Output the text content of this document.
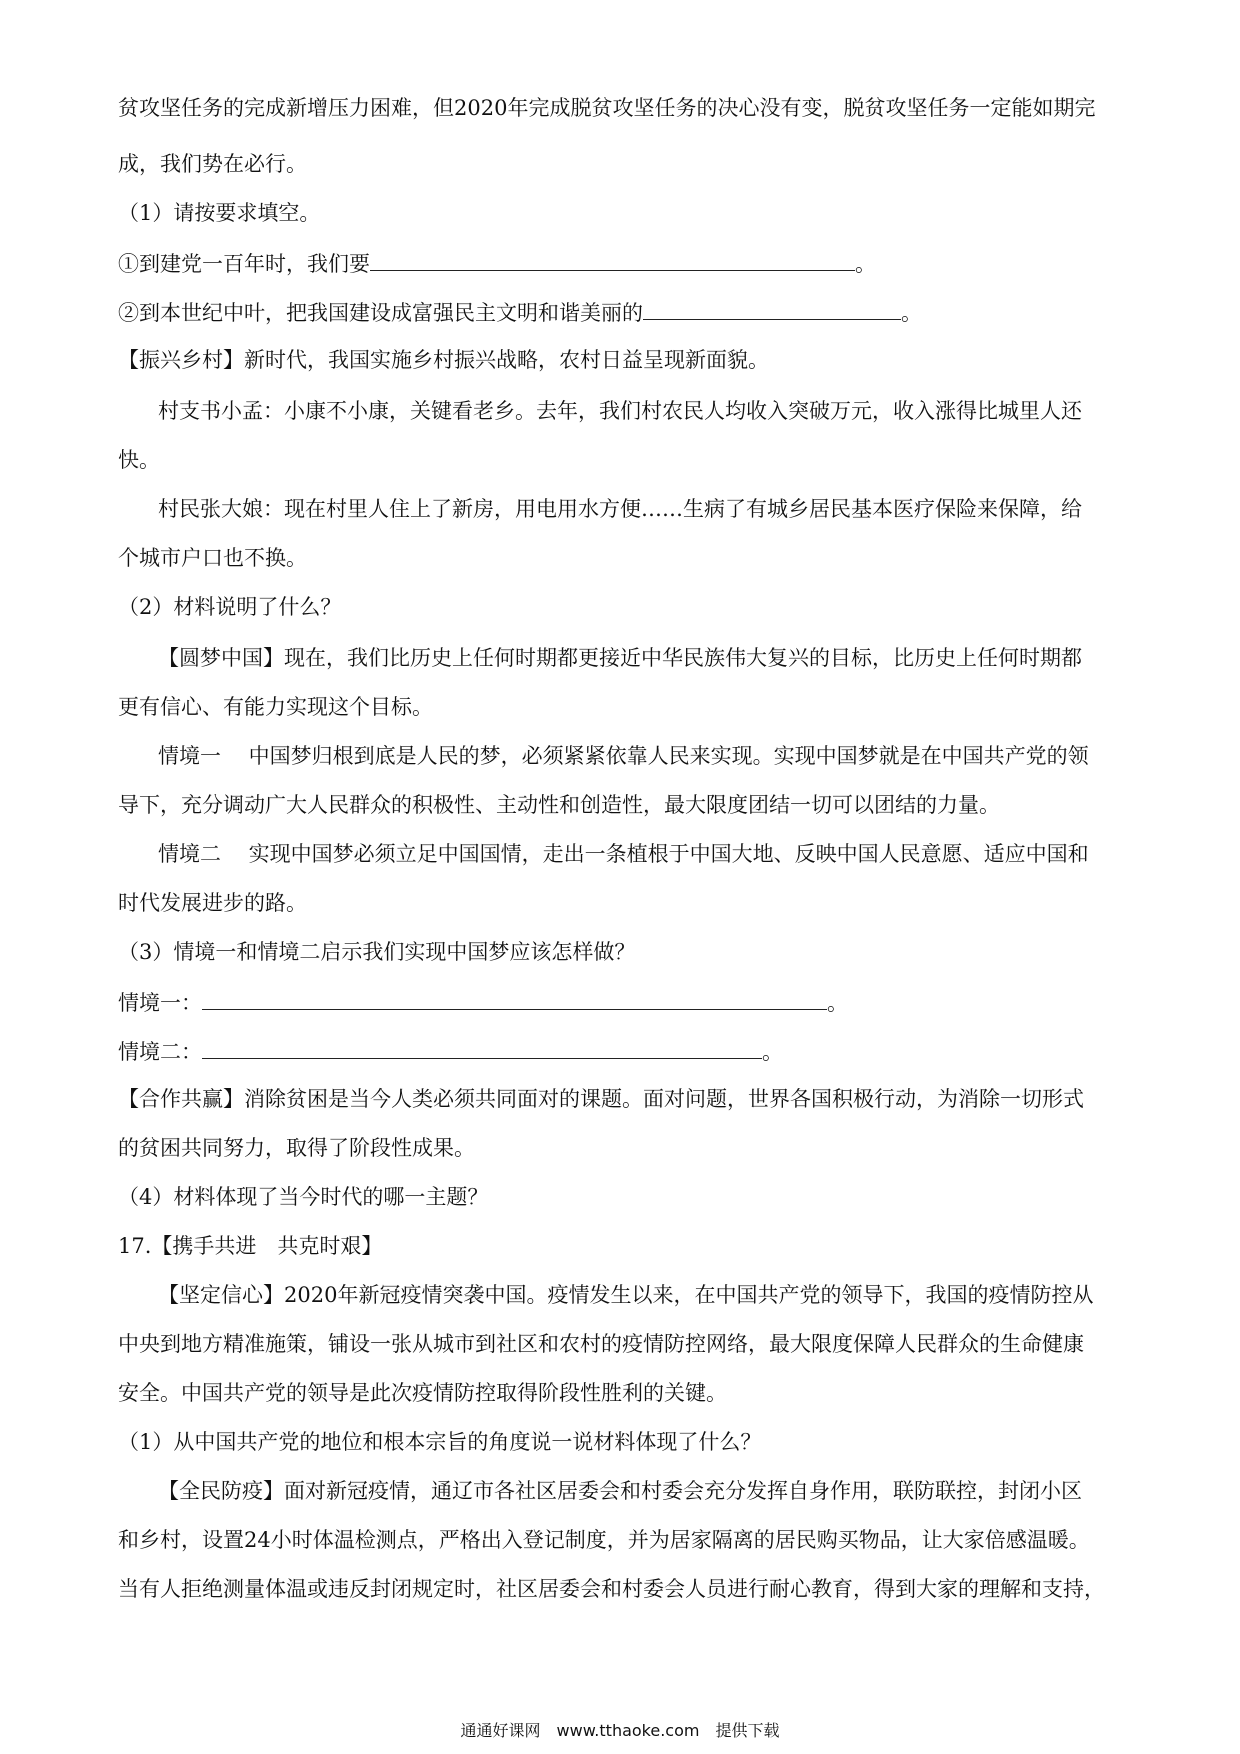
贫攻坚任务的完成新增压力困难，但2020年完成脱贫攻坚任务的决心没有变，脱贫攻坚任务一定能如期完
成，我们势在必行。
（1）请按要求填空。
①到建党一百年时，我们要	。
②到本世纪中叶，把我国建设成富强民主文明和谐美丽的	。
【振兴乡村】新时代，我国实施乡村振兴战略，农村日益呈现新面貌。
村支书小孟：小康不小康，关键看老乡。去年，我们村农民人均收入突破万元，收入涨得比城里人还
快。
村民张大娘：现在村里人住上了新房，用电用水方便……生病了有城乡居民基本医疗保险来保障，给
个城市户口也不换。
（2）材料说明了什么？
【圆梦中国】现在，我们比历史上任何时期都更接近中华民族伟大复兴的目标，比历史上任何时期都
更有信心、有能力实现这个目标。
情境一　 中国梦归根到底是人民的梦，必须紧紧依靠人民来实现。实现中国梦就是在中国共产党的领
导下，充分调动广大人民群众的积极性、主动性和创造性，最大限度团结一切可以团结的力量。
情境二　 实现中国梦必须立足中国国情，走出一条植根于中国大地、反映中国人民意愿、适应中国和
时代发展进步的路。
（3）情境一和情境二启示我们实现中国梦应该怎样做？
情境一：	。
情境二：	。
【合作共赢】消除贫困是当今人类必须共同面对的课题。面对问题，世界各国积极行动，为消除一切形式
的贫困共同努力，取得了阶段性成果。
（4）材料体现了当今时代的哪一主题？
17.【携手共进　共克时艰】
【坚定信心】2020年新冠疫情突袭中国。疫情发生以来，在中国共产党的领导下，我国的疫情防控从
中央到地方精准施策，铺设一张从城市到社区和农村的疫情防控网络，最大限度保障人民群众的生命健康
安全。中国共产党的领导是此次疫情防控取得阶段性胜利的关键。
（1）从中国共产党的地位和根本宗旨的角度说一说材料体现了什么？
【全民防疫】面对新冠疫情，通辽市各社区居委会和村委会充分发挥自身作用，联防联控，封闭小区
和乡村，设置24小时体温检测点，严格出入登记制度，并为居家隔离的居民购买物品，让大家倍感温暖。
当有人拒绝测量体温或违反封闭规定时，社区居委会和村委会人员进行耐心教育，得到大家的理解和支持，
通通好课网　www.tthaoke.com　提供下载
